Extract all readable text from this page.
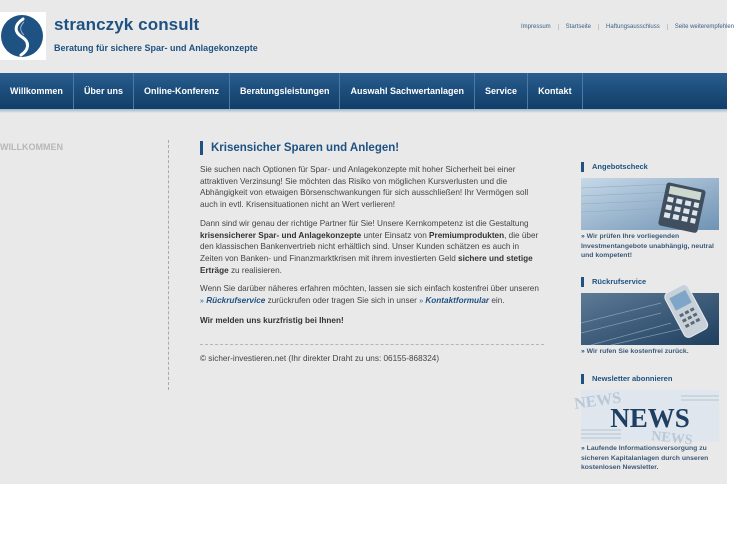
stranczyk consult
Beratung für sichere Spar- und Anlagekonzepte
Impressum	Startseite	Haftungsausschluss	Seite weiterempfehlen
Willkommen	Über uns	Online-Konferenz	Beratungsleistungen	Auswahl Sachwertanlagen	Service	Kontakt
WILLKOMMEN	Krisensicher Sparen und Anlegen!

Sie suchen nach Optionen für Spar- und Anlagekonzepte mit hoher Sicherheit bei einer attraktiven Verzinsung! Sie möchten das Risiko von möglichen Kursverlusten und die Abhängigkeit von etwaigen Börsenschwankungen für sich ausschließen! Ihr Vermögen soll auch in evtl. Krisensituationen nicht an Wert verlieren!

Dann sind wir genau der richtige Partner für Sie! Unsere Kernkompetenz ist die Gestaltung krisensicherer Spar- und Anlagekonzepte unter Einsatz von Premiumprodukten, die über den klassischen Bankenvertrieb nicht erhältlich sind. Unser Kunden schätzen es auch in Zeiten von Banken- und Finanzmarktkrisen mit ihrem investierten Geld sichere und stetige Erträge zu realisieren.

Wenn Sie darüber näheres erfahren möchten, lassen sie sich einfach kostenfrei über unseren » Rückrufservice zurückrufen oder tragen Sie sich in unser » Kontaktformular ein.

Wir melden uns kurzfristig bei Ihnen!

© sicher-investieren.net (Ihr direkter Draht zu uns: 06155-868324)
Angebotscheck
» Wir prüfen Ihre vorliegenden Investmentangebote unabhängig, neutral und kompetent!
Rückrufservice
» Wir rufen Sie kostenfrei zurück.
Newsletter abonnieren
NEWS
NEWS
NEWS
» Laufende Informationsversorgung zu sicheren Kapitalanlagen durch unseren kostenlosen Newsletter.
